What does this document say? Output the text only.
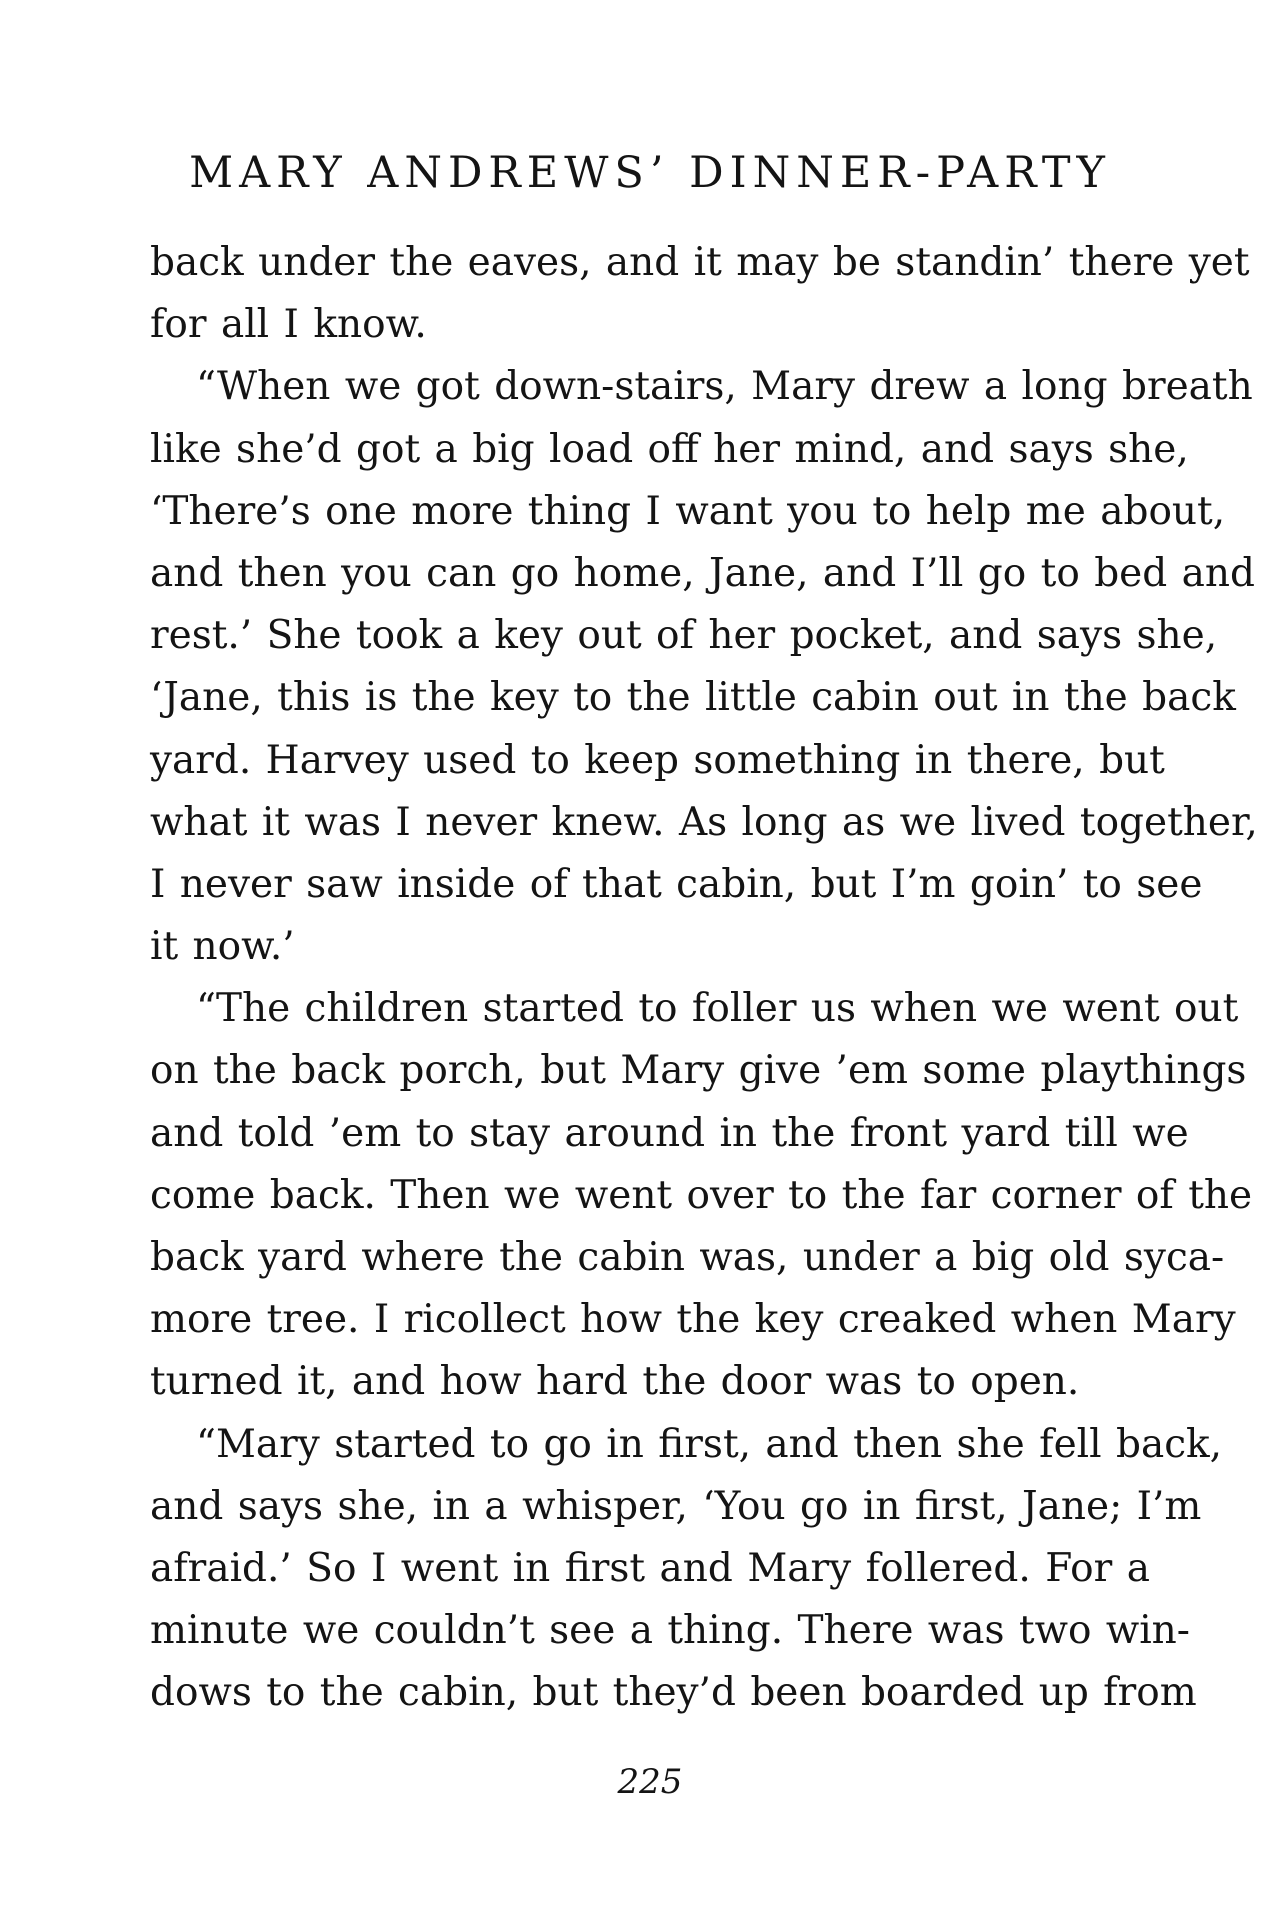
MARY ANDREWS’ DINNER-PARTY
back under the eaves, and it may be standin’ there yet
for all I know.
“When we got down-stairs, Mary drew a long breath
like she’d got a big load off her mind, and says she,
‘There’s one more thing I want you to help me about,
and then you can go home, Jane, and I’ll go to bed and
rest.’ She took a key out of her pocket, and says she,
‘Jane, this is the key to the little cabin out in the back
yard. Harvey used to keep something in there, but
what it was I never knew. As long as we lived together,
I never saw inside of that cabin, but I’m goin’ to see
it now.’
“The children started to foller us when we went out
on the back porch, but Mary give ’em some playthings
and told ’em to stay around in the front yard till we
come back. Then we went over to the far corner of the
back yard where the cabin was, under a big old syca-
more tree. I ricollect how the key creaked when Mary
turned it, and how hard the door was to open.
“Mary started to go in first, and then she fell back,
and says she, in a whisper, ‘You go in first, Jane; I’m
afraid.’ So I went in first and Mary follered. For a
minute we couldn’t see a thing. There was two win-
dows to the cabin, but they’d been boarded up from
225
